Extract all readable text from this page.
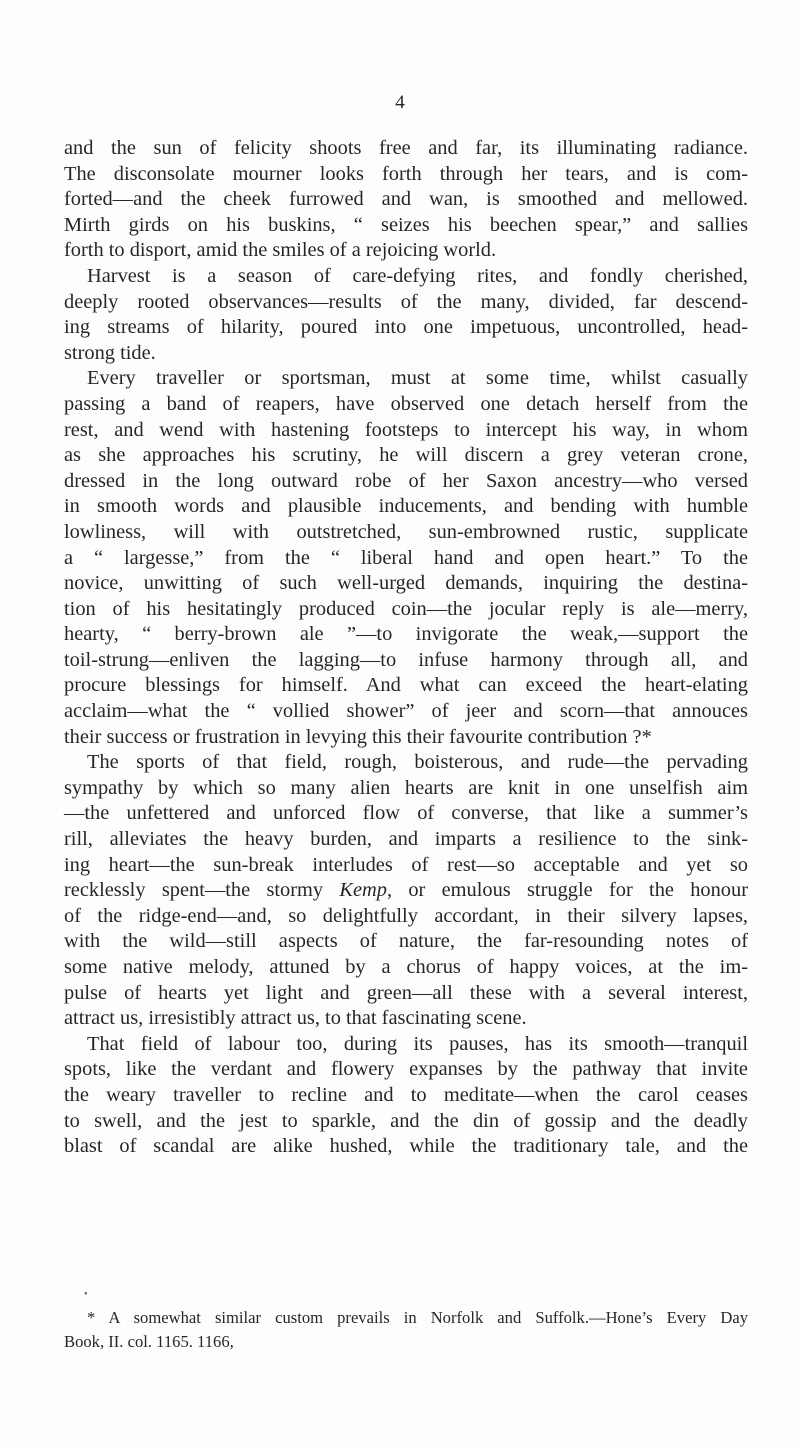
4
and the sun of felicity shoots free and far, its illuminating radiance.
The disconsolate mourner looks forth through her tears, and is com-
forted—and the cheek furrowed and wan, is smoothed and mellowed.
Mirth girds on his buskins, “ seizes his beechen spear,” and sallies
forth to disport, amid the smiles of a rejoicing world.
Harvest is a season of care-defying rites, and fondly cherished,
deeply rooted observances—results of the many, divided, far descend-
ing streams of hilarity, poured into one impetuous, uncontrolled, head-
strong tide.
Every traveller or sportsman, must at some time, whilst casually
passing a band of reapers, have observed one detach herself from the
rest, and wend with hastening footsteps to intercept his way, in whom
as she approaches his scrutiny, he will discern a grey veteran crone,
dressed in the long outward robe of her Saxon ancestry—who versed
in smooth words and plausible inducements, and bending with humble
lowliness, will with outstretched, sun-embrowned rustic, supplicate
a “ largesse,” from the “ liberal hand and open heart.” To the
novice, unwitting of such well-urged demands, inquiring the destina-
tion of his hesitatingly produced coin—the jocular reply is ale—merry,
hearty, “ berry-brown ale ”—to invigorate the weak,—support the
toil-strung—enliven the lagging—to infuse harmony through all, and
procure blessings for himself. And what can exceed the heart-elating
acclaim—what the “ vollied shower” of jeer and scorn—that annouces
their success or frustration in levying this their favourite contribution ?*
The sports of that field, rough, boisterous, and rude—the pervading
sympathy by which so many alien hearts are knit in one unselfish aim
—the unfettered and unforced flow of converse, that like a summer’s
rill, alleviates the heavy burden, and imparts a resilience to the sink-
ing heart—the sun-break interludes of rest—so acceptable and yet so
recklessly spent—the stormy Kemp, or emulous struggle for the honour
of the ridge-end—and, so delightfully accordant, in their silvery lapses,
with the wild—still aspects of nature, the far-resounding notes of
some native melody, attuned by a chorus of happy voices, at the im-
pulse of hearts yet light and green—all these with a several interest,
attract us, irresistibly attract us, to that fascinating scene.
That field of labour too, during its pauses, has its smooth—tranquil
spots, like the verdant and flowery expanses by the pathway that invite
the weary traveller to recline and to meditate—when the carol ceases
to swell, and the jest to sparkle, and the din of gossip and the deadly
blast of scandal are alike hushed, while the traditionary tale, and the
•
* A somewhat similar custom prevails in Norfolk and Suffolk.—Hone’s Every Day
Book, II. col. 1165. 1166,
